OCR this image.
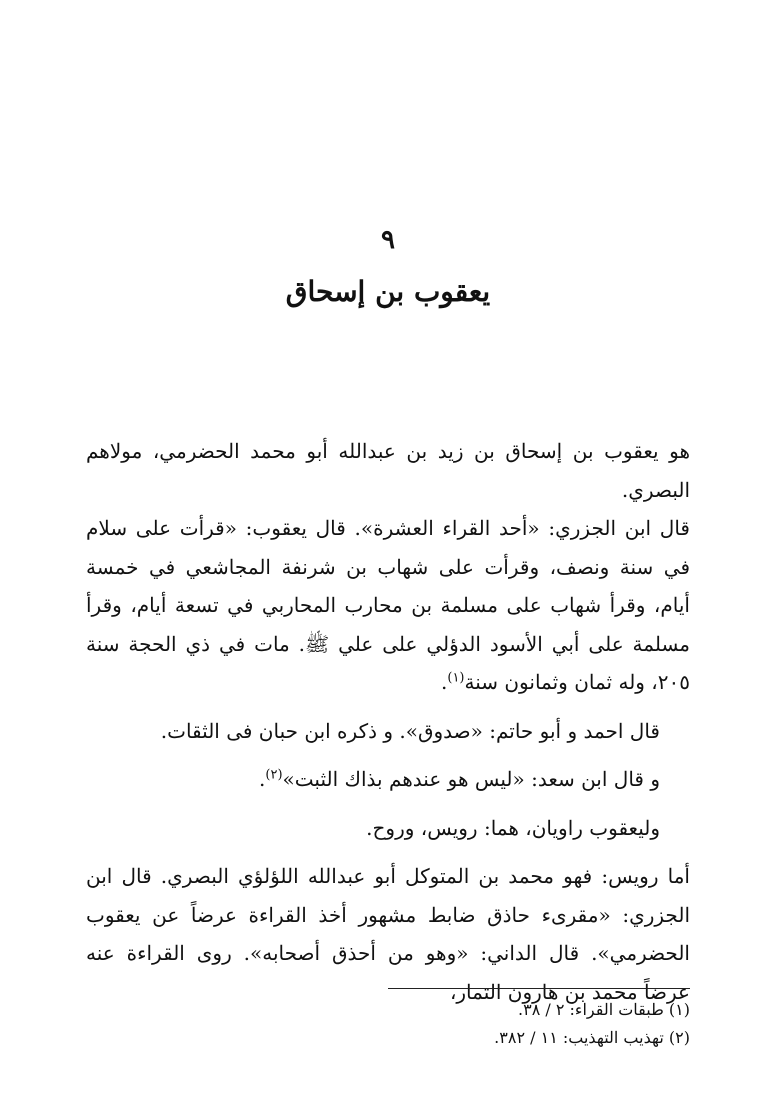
٩
يعقوب بن إسحاق

هو يعقوب بن إسحاق بن زيد بن عبدالله أبو محمد الحضرمي، مولاهم البصري.

قال ابن الجزري: «أحد القراء العشرة». قال يعقوب: «قرأت على سلام في سنة ونصف، وقرأت على شهاب بن شرنفة المجاشعي في خمسة أيام، وقرأ شهاب على مسلمة بن محارب المحاربي في تسعة أيام، وقرأ مسلمة على أبي الأسود الدؤلي على علي ﷺ. مات في ذي الحجة سنة ٢٠٥، وله ثمان وثمانون سنة$^{(١)}$.

قال احمد و أبو حاتم: «صدوق». و ذكره ابن حبان فى الثقات.

و قال ابن سعد: «ليس هو عندهم بذاك الثبت»$^{(٢)}$.

وليعقوب راويان، هما: رويس، وروح.

أما رويس: فهو محمد بن المتوكل أبو عبدالله اللؤلؤي البصري. قال ابن الجزري: «مقرىء حاذق ضابط مشهور أخذ القراءة عرضاً عن يعقوب الحضرمي». قال الداني: «وهو من أحذق أصحابه». روى القراءة عنه عرضاً محمد بن هارون التمار،

(١) طبقات القراء: ٢ / ٣٨.

(٢) تهذيب التهذيب: ١١ / ٣٨٢.
